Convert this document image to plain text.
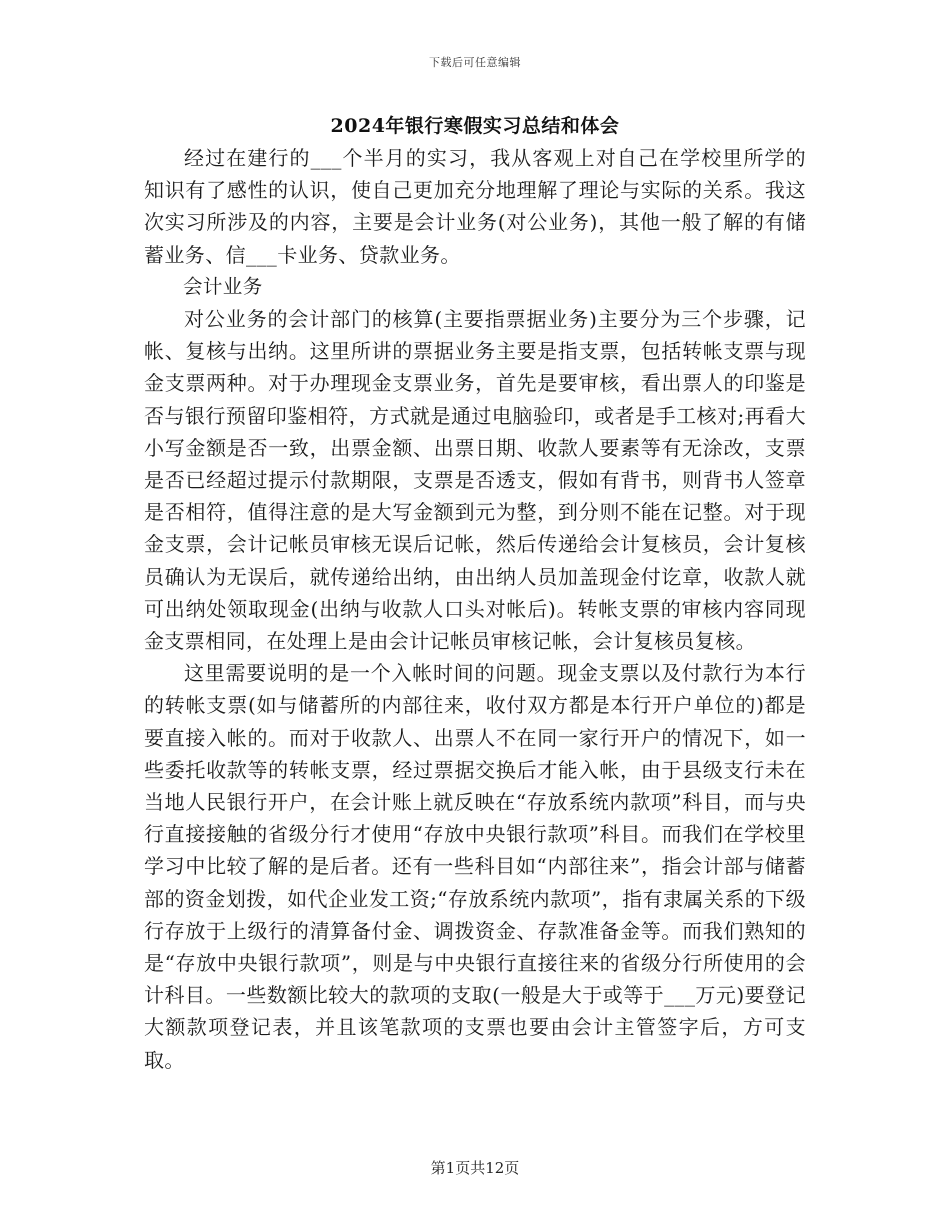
下载后可任意编辑
2024年银行寒假实习总结和体会

经过在建行的___个半月的实习，我从客观上对自己在学校里所学的知识有了感性的认识，使自己更加充分地理解了理论与实际的关系。我这次实习所涉及的内容，主要是会计业务(对公业务)，其他一般了解的有储蓄业务、信___卡业务、贷款业务。

会计业务

对公业务的会计部门的核算(主要指票据业务)主要分为三个步骤，记帐、复核与出纳。这里所讲的票据业务主要是指支票，包括转帐支票与现金支票两种。对于办理现金支票业务，首先是要审核，看出票人的印鉴是否与银行预留印鉴相符，方式就是通过电脑验印，或者是手工核对;再看大小写金额是否一致，出票金额、出票日期、收款人要素等有无涂改，支票是否已经超过提示付款期限，支票是否透支，假如有背书，则背书人签章是否相符，值得注意的是大写金额到元为整，到分则不能在记整。对于现金支票，会计记帐员审核无误后记帐，然后传递给会计复核员，会计复核员确认为无误后，就传递给出纳，由出纳人员加盖现金付讫章，收款人就可出纳处领取现金(出纳与收款人口头对帐后)。转帐支票的审核内容同现金支票相同，在处理上是由会计记帐员审核记帐，会计复核员复核。

这里需要说明的是一个入帐时间的问题。现金支票以及付款行为本行的转帐支票(如与储蓄所的内部往来，收付双方都是本行开户单位的)都是要直接入帐的。而对于收款人、出票人不在同一家行开户的情况下，如一些委托收款等的转帐支票，经过票据交换后才能入帐，由于县级支行未在当地人民银行开户，在会计账上就反映在“存放系统内款项”科目，而与央行直接接触的省级分行才使用“存放中央银行款项”科目。而我们在学校里学习中比较了解的是后者。还有一些科目如“内部往来”，指会计部与储蓄部的资金划拨，如代企业发工资;“存放系统内款项”，指有隶属关系的下级行存放于上级行的清算备付金、调拨资金、存款准备金等。而我们熟知的是“存放中央银行款项”，则是与中央银行直接往来的省级分行所使用的会计科目。一些数额比较大的款项的支取(一般是大于或等于___万元)要登记大额款项登记表，并且该笔款项的支票也要由会计主管签字后，方可支取。

第1页共12页
